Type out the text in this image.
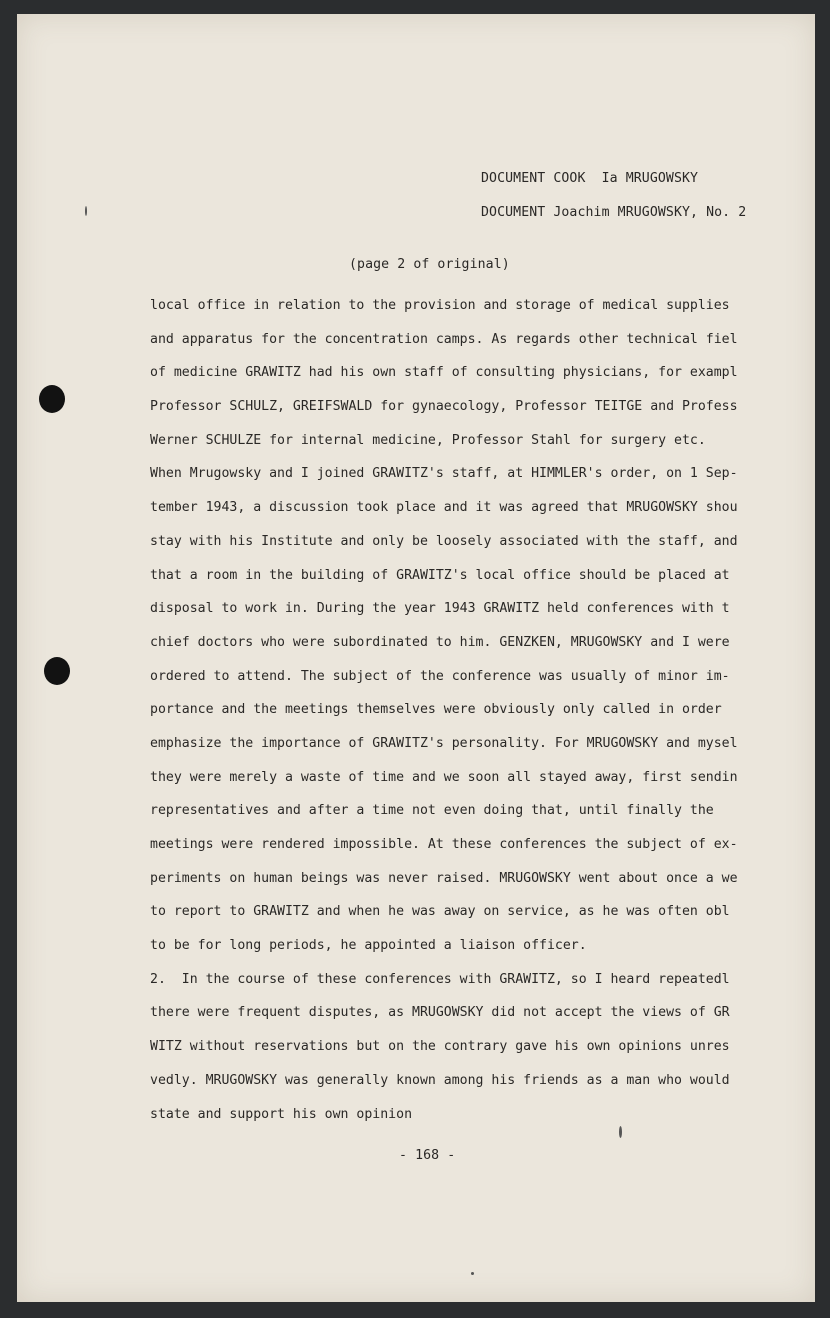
DOCUMENT COOK  Ia MRUGOWSKY
DOCUMENT Joachim MRUGOWSKY, No. 2
(page 2 of original)
local office in relation to the provision and storage of medical supplies
and apparatus for the concentration camps. As regards other technical fiel
of medicine GRAWITZ had his own staff of consulting physicians, for exampl
Professor SCHULZ, GREIFSWALD for gynaecology, Professor TEITGE and Profess
Werner SCHULZE for internal medicine, Professor Stahl for surgery etc.
When Mrugowsky and I joined GRAWITZ's staff, at HIMMLER's order, on 1 Sep-
tember 1943, a discussion took place and it was agreed that MRUGOWSKY shou
stay with his Institute and only be loosely associated with the staff, and
that a room in the building of GRAWITZ's local office should be placed at
disposal to work in. During the year 1943 GRAWITZ held conferences with t
chief doctors who were subordinated to him. GENZKEN, MRUGOWSKY and I were
ordered to attend. The subject of the conference was usually of minor im-
portance and the meetings themselves were obviously only called in order
emphasize the importance of GRAWITZ's personality. For MRUGOWSKY and mysel
they were merely a waste of time and we soon all stayed away, first sendin
representatives and after a time not even doing that, until finally the
meetings were rendered impossible. At these conferences the subject of ex-
periments on human beings was never raised. MRUGOWSKY went about once a we
to report to GRAWITZ and when he was away on service, as he was often obl
to be for long periods, he appointed a liaison officer.
2.  In the course of these conferences with GRAWITZ, so I heard repeatedl
there were frequent disputes, as MRUGOWSKY did not accept the views of GR
WITZ without reservations but on the contrary gave his own opinions unres
vedly. MRUGOWSKY was generally known among his friends as a man who would
state and support his own opinion
- 168 -
